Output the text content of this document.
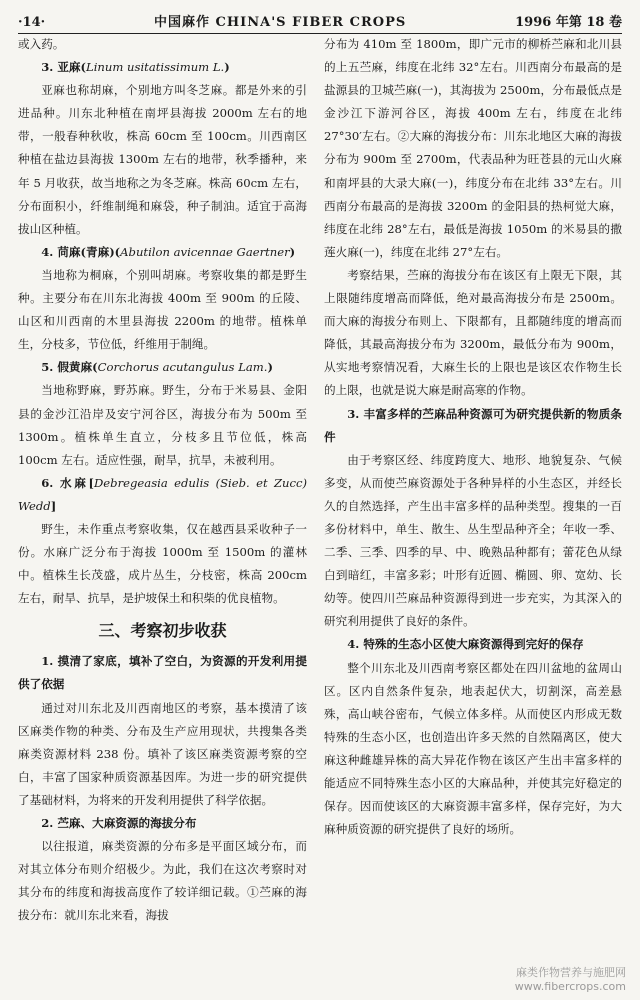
·14·	中国麻作 CHINA'S FIBER CROPS	1996 年第 18 卷

或入药。

3. 亚麻(Linum usitatissimum L.)

亚麻也称胡麻，个别地方叫冬芝麻。都是外来的引进品种。川东北种植在南坪县海拔 2000m 左右的地带，一般春种秋收，株高 60cm 至 100cm。川西南区种植在盐边县海拔 1300m 左右的地带，秋季播种，来年 5 月收获，故当地称之为冬芝麻。株高 60cm 左右，分布面积小，纤维制绳和麻袋，种子制油。适宜于高海拔山区种植。

4. 苘麻(青麻)(Abutilon avicennae Gaertner)

当地称为桐麻，个别叫胡麻。考察收集的都是野生种。主要分布在川东北海拔 400m 至 900m 的丘陵、山区和川西南的木里县海拔 2200m 的地带。植株单生，分枝多，节位低，纤维用于制绳。

5. 假黄麻(Corchorus acutangulus Lam.)

当地称野麻，野苏麻。野生，分布于米易县、金阳县的金沙江沿岸及安宁河谷区，海拔分布为 500m 至 1300m。植株单生直立，分枝多且节位低，株高 100cm 左右。适应性强，耐旱，抗旱，未被利用。

6. 水麻[Debregeasia edulis (Sieb. et Zucc) Wedd]

野生，未作重点考察收集，仅在越西县采收种子一份。水麻广泛分布于海拔 1000m 至 1500m 的灌林中。植株生长茂盛，成片丛生，分枝密，株高 200cm 左右，耐旱、抗旱，是护坡保土和积柴的优良植物。

三、考察初步收获

1. 摸清了家底，填补了空白，为资源的开发利用提供了依据

通过对川东北及川西南地区的考察，基本摸清了该区麻类作物的种类、分布及生产应用现状，共搜集各类麻类资源材料 238 份。填补了该区麻类资源考察的空白，丰富了国家种质资源基因库。为进一步的研究提供了基础材料，为将来的开发利用提供了科学依据。

2. 苎麻、大麻资源的海拔分布

以往报道，麻类资源的分布多是平面区域分布，而对其立体分布则介绍极少。为此，我们在这次考察时对其分布的纬度和海拔高度作了较详细记载。①苎麻的海拔分布：就川东北来看，海拔

分布为 410m 至 1800m，即广元市的柳桥苎麻和北川县的上五苎麻，纬度在北纬 32°左右。川西南分布最高的是盐源县的卫城苎麻(一)，其海拔为 2500m，分布最低点是金沙江下游河谷区，海拔 400m 左右，纬度在北纬 27°30′左右。②大麻的海拔分布：川东北地区大麻的海拔分布为 900m 至 2700m，代表品种为旺苍县的元山火麻和南坪县的大录大麻(一)，纬度分布在北纬 33°左右。川西南分布最高的是海拔 3200m 的金阳县的热柯觉大麻，纬度在北纬 28°左右，最低是海拔 1050m 的米易县的撒莲火麻(一)，纬度在北纬 27°左右。

考察结果，苎麻的海拔分布在该区有上限无下限，其上限随纬度增高而降低，绝对最高海拔分布是 2500m。而大麻的海拔分布则上、下限都有，且都随纬度的增高而降低，其最高海拔分布为 3200m，最低分布为 900m，从实地考察情况看，大麻生长的上限也是该区农作物生长的上限，也就是说大麻是耐高寒的作物。

3. 丰富多样的苎麻品种资源可为研究提供新的物质条件

由于考察区经、纬度跨度大、地形、地貌复杂、气候多变，从而使苎麻资源处于各种异样的小生态区，并经长久的自然选择，产生出丰富多样的品种类型。搜集的一百多份材料中，单生、散生、丛生型品种齐全；年收一季、二季、三季、四季的早、中、晚熟品种都有；蕾花色从绿白到暗红，丰富多彩；叶形有近圆、椭圆、卵、宽幼、长幼等。使四川苎麻品种资源得到进一步充实，为其深入的研究利用提供了良好的条件。

4. 特殊的生态小区使大麻资源得到完好的保存

整个川东北及川西南考察区都处在四川盆地的盆周山区。区内自然条件复杂，地表起伏大，切割深，高差悬殊，高山峡谷密布，气候立体多样。从而使区内形成无数特殊的生态小区，也创造出许多天然的自然隔离区，使大麻这种雌雄异株的高大异花作物在该区产生出丰富多样的能适应不同特殊生态小区的大麻品种，并使其完好稳定的保存。因而使该区的大麻资源丰富多样，保存完好，为大麻种质资源的研究提供了良好的场所。

麻类作物营养与施肥网
www.fibercrops.com
